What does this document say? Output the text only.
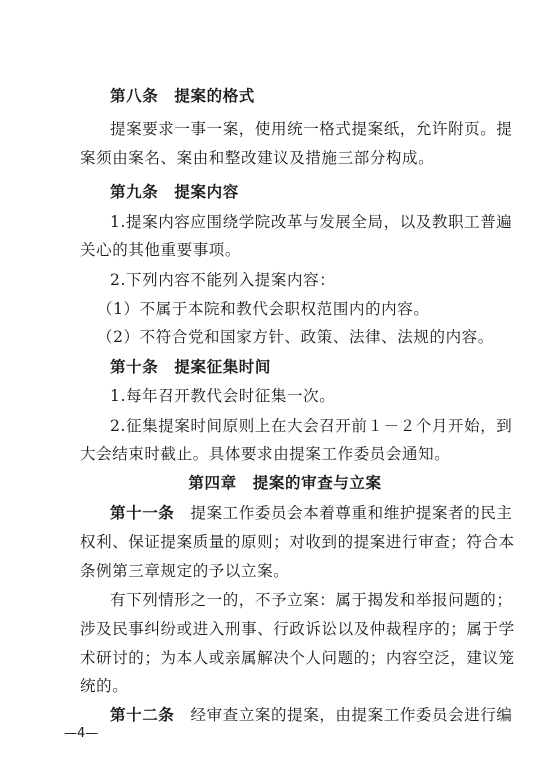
第八条　提案的格式
提案要求一事一案，使用统一格式提案纸，允许附页。提
案须由案名、案由和整改建议及措施三部分构成。
第九条　提案内容
1.提案内容应围绕学院改革与发展全局，以及教职工普遍
关心的其他重要事项。
2.下列内容不能列入提案内容：
（1）不属于本院和教代会职权范围内的内容。
（2）不符合党和国家方针、政策、法律、法规的内容。
第十条　提案征集时间
1.每年召开教代会时征集一次。
2.征集提案时间原则上在大会召开前１－２个月开始，到
大会结束时截止。具体要求由提案工作委员会通知。
第四章　提案的审查与立案
第十一条　 提案工作委员会本着尊重和维护提案者的民主
权利、保证提案质量的原则；对收到的提案进行审查；符合本
条例第三章规定的予以立案。
有下列情形之一的，不予立案：属于揭发和举报问题的；
涉及民事纠纷或进入刑事、行政诉讼以及仲裁程序的；属于学
术研讨的；为本人或亲属解决个人问题的；内容空泛，建议笼
统的。
第十二条　 经审查立案的提案，由提案工作委员会进行编
—4—
